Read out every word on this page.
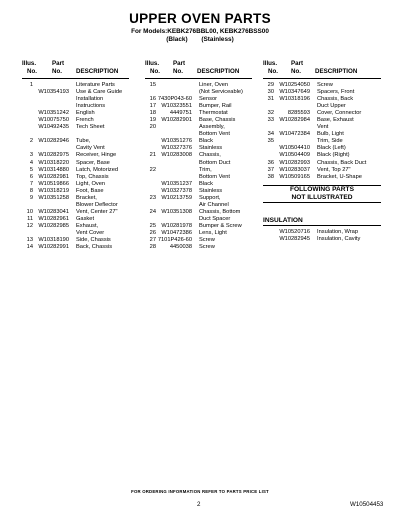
UPPER OVEN PARTS
For Models:KEBK276BBL00, KEBK276BSS00
(Black) (Stainless)
Illus.
No.
Part
No. DESCRIPTION
1	Literature Parts
W10354193 Use & Care Guide
Installation
Instructions
W10351242 English
W10075750 French
W10492435 Tech Sheet
2 W10282946 Tube,
Cavity Vent
3 W10282975 Receiver, Hinge
4 W10318220 Spacer, Base
5 W10314880 Latch, Motorized
6 W10282981 Top, Chassis
7 W10519866 Light, Oven
8 W10318219 Foot, Base
9 W10351258 Bracket,
Blower Deflector
10 W10283041 Vent, Center 27"
11 W10282961 Gasket
12 W10282985 Exhaust,
Vent Cover
13 W10318190 Side, Chassis
14 W10282991 Back, Chassis
Illus.
No.
Part
No. DESCRIPTION
15	Liner, Oven
(Not Serviceable)
16 7430P043-60 Sensor
17 W10323551 Bumper, Rail
18 4449751 Thermostat
19 W10282901 Base, Chassis
20	Assembly,
Bottom Vent
W10351276 Black
W10327376 Stainless
21 W10283008 Chassis,
Bottom Duct
22	Trim,
Bottom Vent
W10351237 Black
W10327378 Stainless
23 W10213759 Support,
Air Channel
24 W10351308 Chassis, Bottom
Duct Spacer
25 W10281978 Bumper & Screw
26 W10472386 Lens, Light
27 7101P426-60 Screw
28 4450038 Screw
Illus.
No.
Part
No. DESCRIPTION
29 W10254050 Screw
30 W10347649 Spacers, Front
31 W10318196 Chassis, Back
Duct Upper
32 8285593 Cover, Connector
33 W10282984 Base, Exhaust
Vent
34 W10472384 Bulb, Light
35	Trim, Side
W10504410 Black (Left)
W10504409 Black (Right)
36 W10282993 Chassis, Back Duct
37 W10283037 Vent, Top 27"
38 W10509165 Bracket, U-Shape
FOLLOWING PARTS
NOT ILLUSTRATED
INSULATION
W10520716 Insulation, Wrap
W10282945 Insulation, Cavity
FOR ORDERING INFORMATION REFER TO PARTS PRICE LIST
2	W10504453
